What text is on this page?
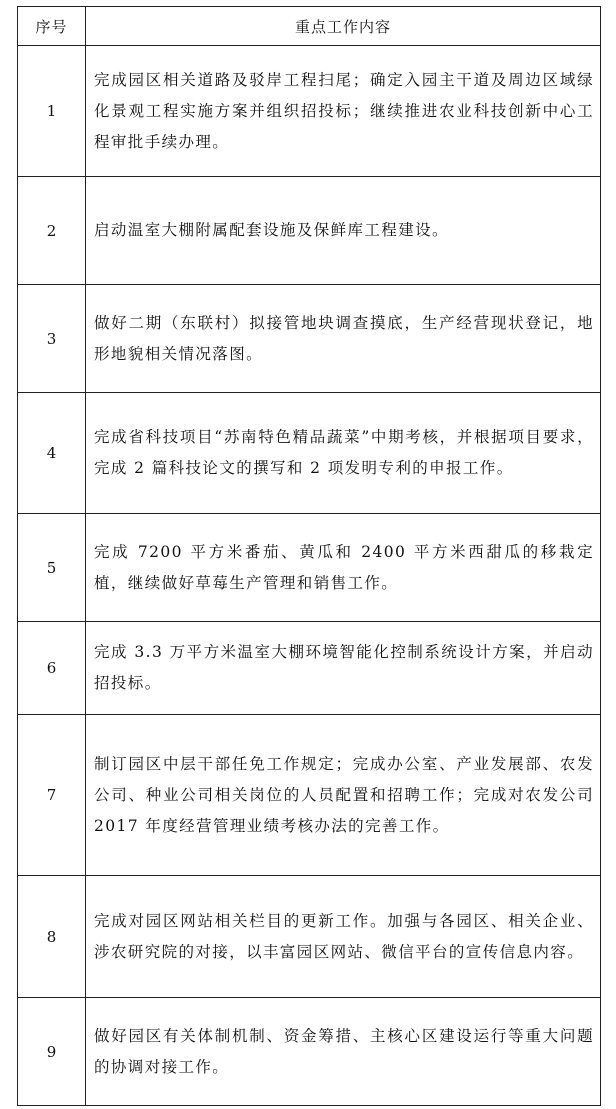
序号	重点工作内容
1	完成园区相关道路及驳岸工程扫尾；确定入园主干道及周边区域绿化景观工程实施方案并组织招投标；继续推进农业科技创新中心工程审批手续办理。
2	启动温室大棚附属配套设施及保鲜库工程建设。
3	做好二期（东联村）拟接管地块调查摸底，生产经营现状登记，地形地貌相关情况落图。
4	完成省科技项目“苏南特色精品蔬菜”中期考核，并根据项目要求，完成 2 篇科技论文的撰写和 2 项发明专利的申报工作。
5	完成 7200 平方米番茄、黄瓜和 2400 平方米西甜瓜的移栽定植，继续做好草莓生产管理和销售工作。
6	完成 3.3 万平方米温室大棚环境智能化控制系统设计方案，并启动招投标。
7	制订园区中层干部任免工作规定；完成办公室、产业发展部、农发公司、种业公司相关岗位的人员配置和招聘工作；完成对农发公司 2017 年度经营管理业绩考核办法的完善工作。
8	完成对园区网站相关栏目的更新工作。加强与各园区、相关企业、涉农研究院的对接，以丰富园区网站、微信平台的宣传信息内容。
9	做好园区有关体制机制、资金筹措、主核心区建设运行等重大问题的协调对接工作。
